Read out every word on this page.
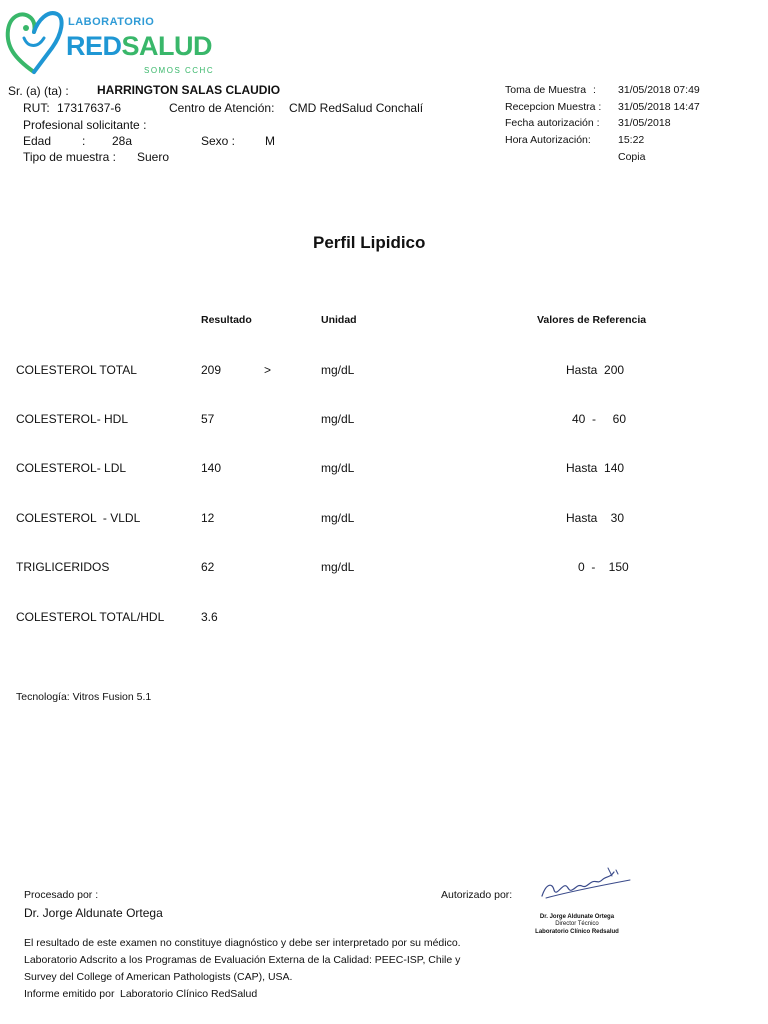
LABORATORIO
REDSALUD
SOMOS CCHC
Sr. (a) (ta) : HARRINGTON SALAS CLAUDIO
RUT: 17317637-6	Centro de Atención: CMD RedSalud Conchalí
Profesional solicitante :
Edad	: 28a	Sexo : M
Tipo de muestra : Suero
Toma de Muestra : 31/05/2018 07:49
Recepcion Muestra : 31/05/2018 14:47
Fecha autorización : 31/05/2018
Hora Autorización:	15:22
Copia
Perfil Lipidico
Resultado	Unidad	Valores de Referencia
COLESTEROL TOTAL	209	>	mg/dL	Hasta  200
COLESTEROL- HDL	57	mg/dL	40  -     60
COLESTEROL- LDL	140	mg/dL	Hasta  140
COLESTEROL  - VLDL	12	mg/dL	Hasta    30
TRIGLICERIDOS	62	mg/dL	0  -    150
COLESTEROL TOTAL/HDL	3.6
Tecnología: Vitros Fusion 5.1
Procesado por :
Dr. Jorge Aldunate Ortega
Autorizado por:
Dr. Jorge Aldunate Ortega
Director Técnico
Laboratorio Clínico Redsalud
El resultado de este examen no constituye diagnóstico y debe ser interpretado por su médico.
Laboratorio Adscrito a los Programas de Evaluación Externa de la Calidad: PEEC-ISP, Chile y
Survey del College of American Pathologists (CAP), USA.
Informe emitido por Laboratorio Clínico RedSalud
